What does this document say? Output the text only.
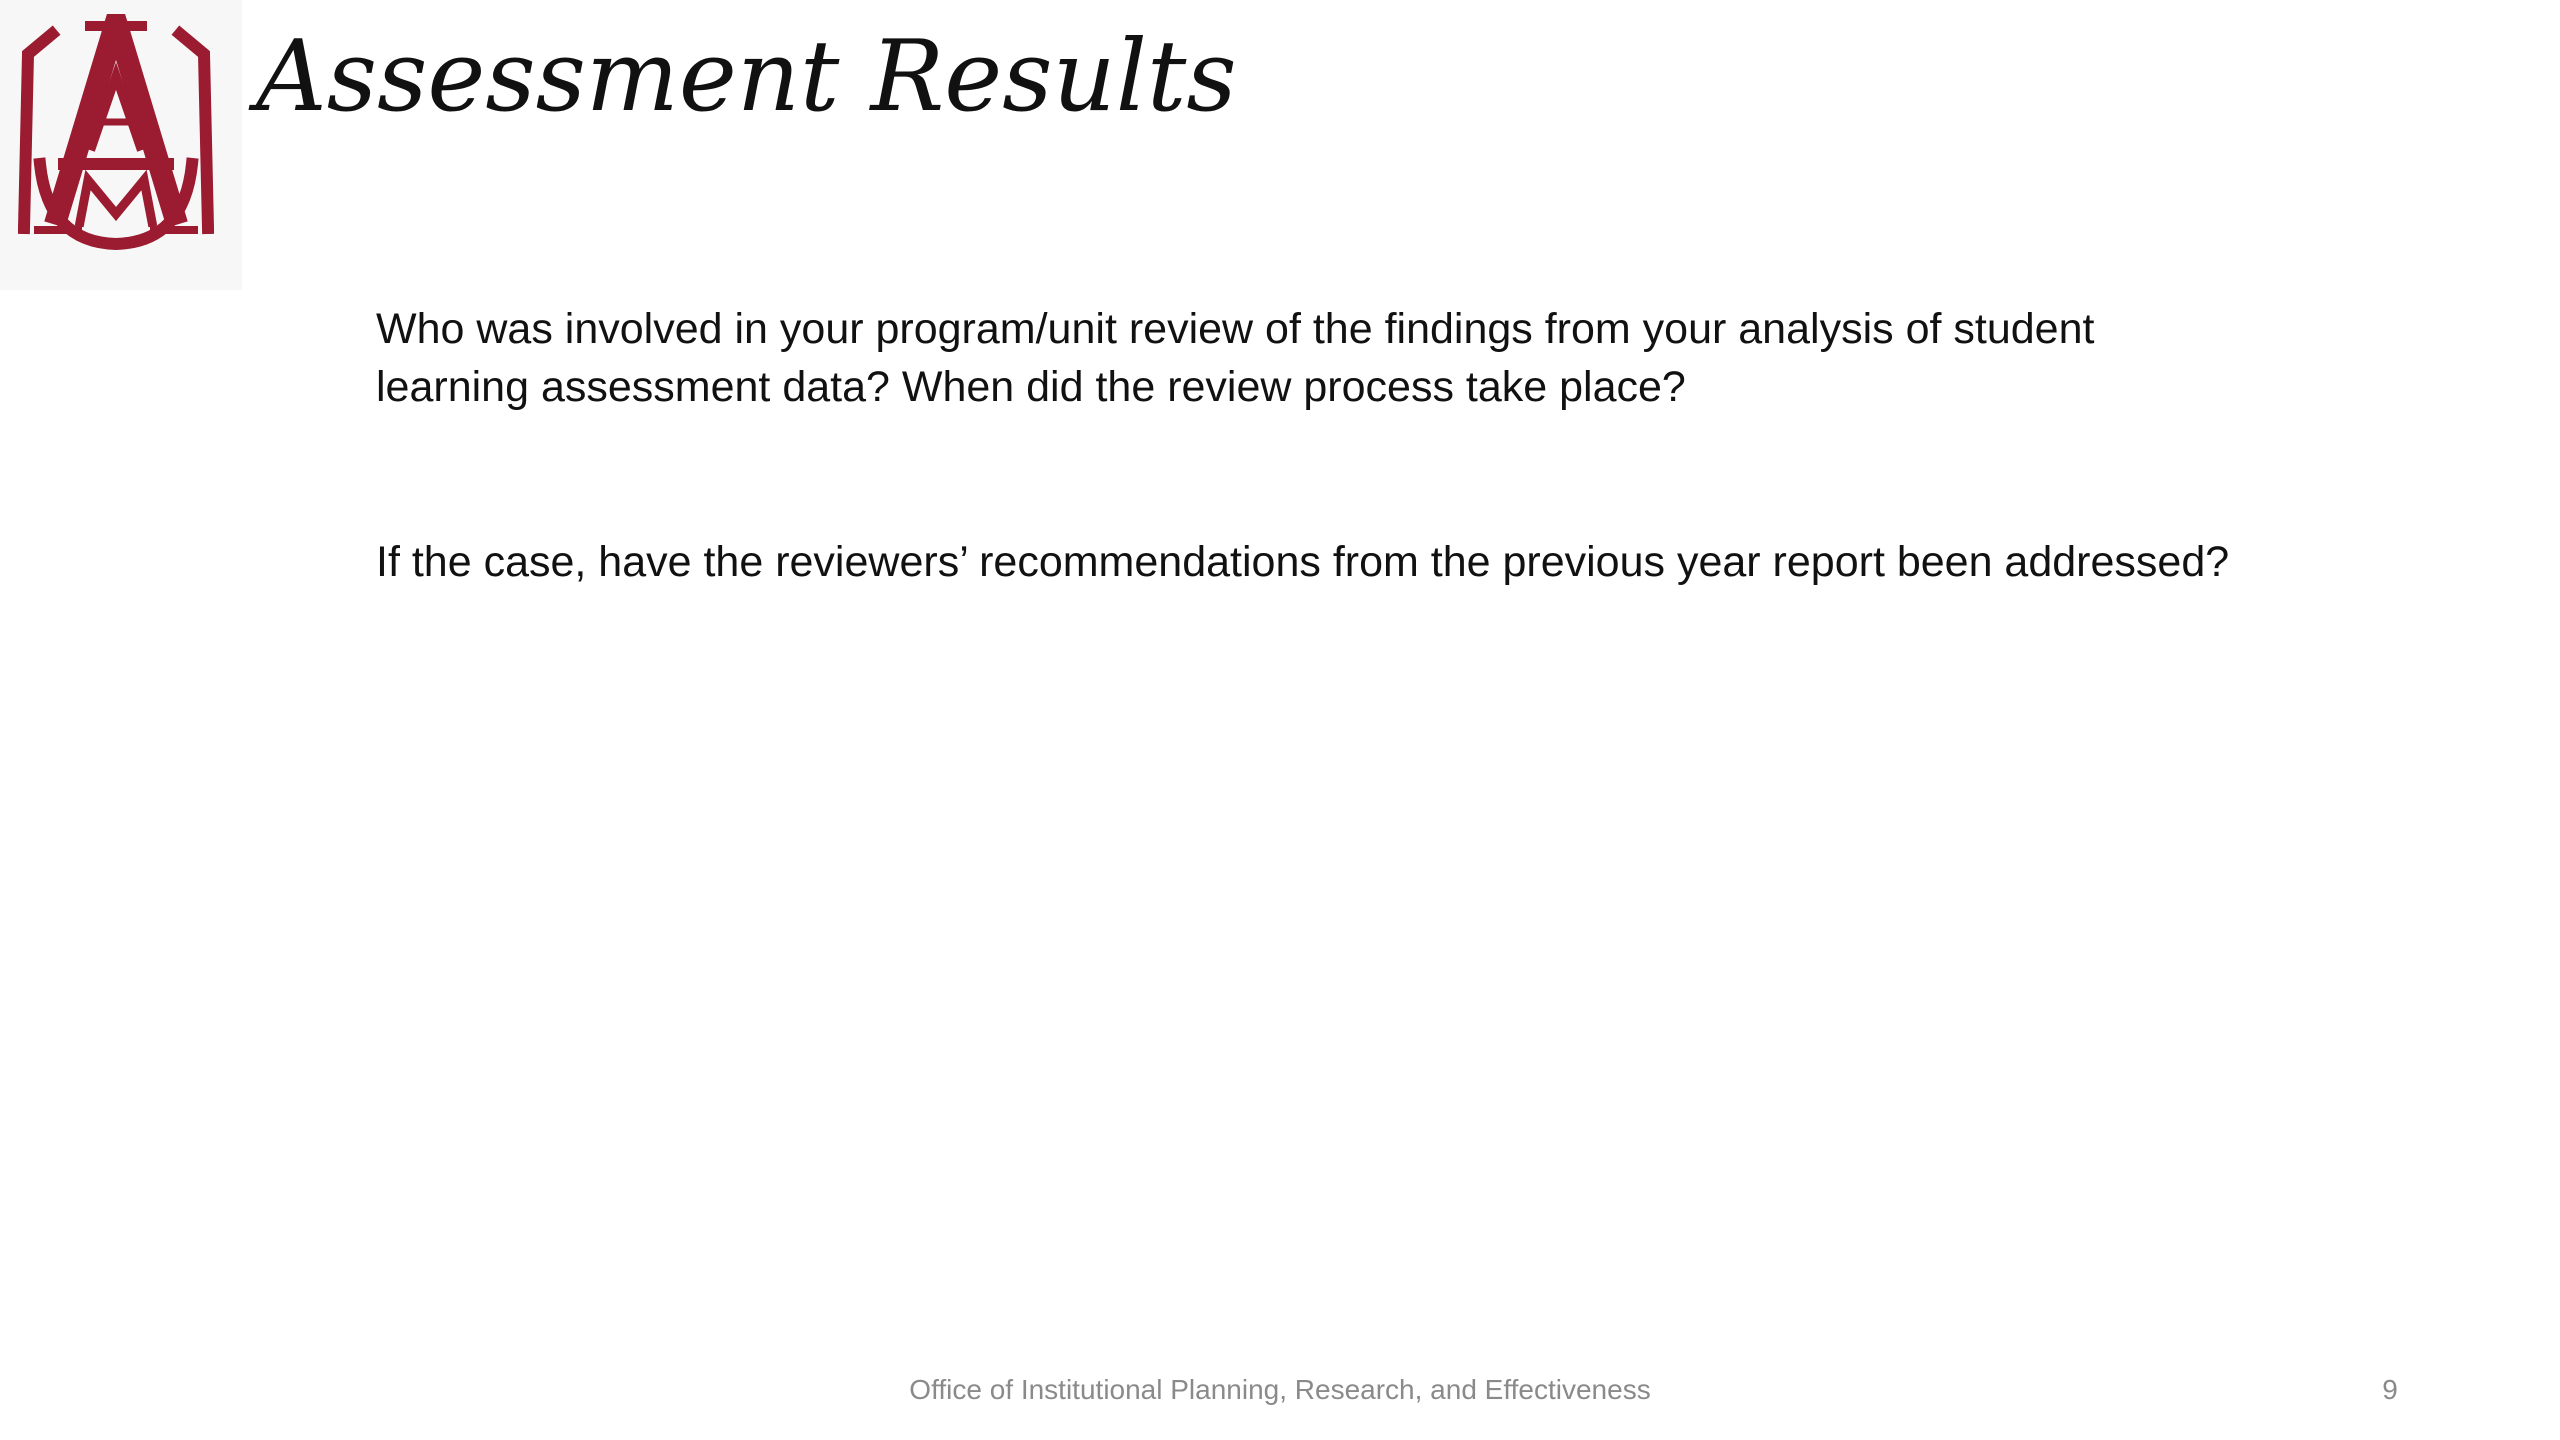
Assessment Results
Who was involved in your program/unit review of the findings from your analysis of student learning assessment data? When did the review process take place?
If the case, have the reviewers’ recommendations from the previous year report been addressed?
Office of Institutional Planning, Research, and Effectiveness	9
